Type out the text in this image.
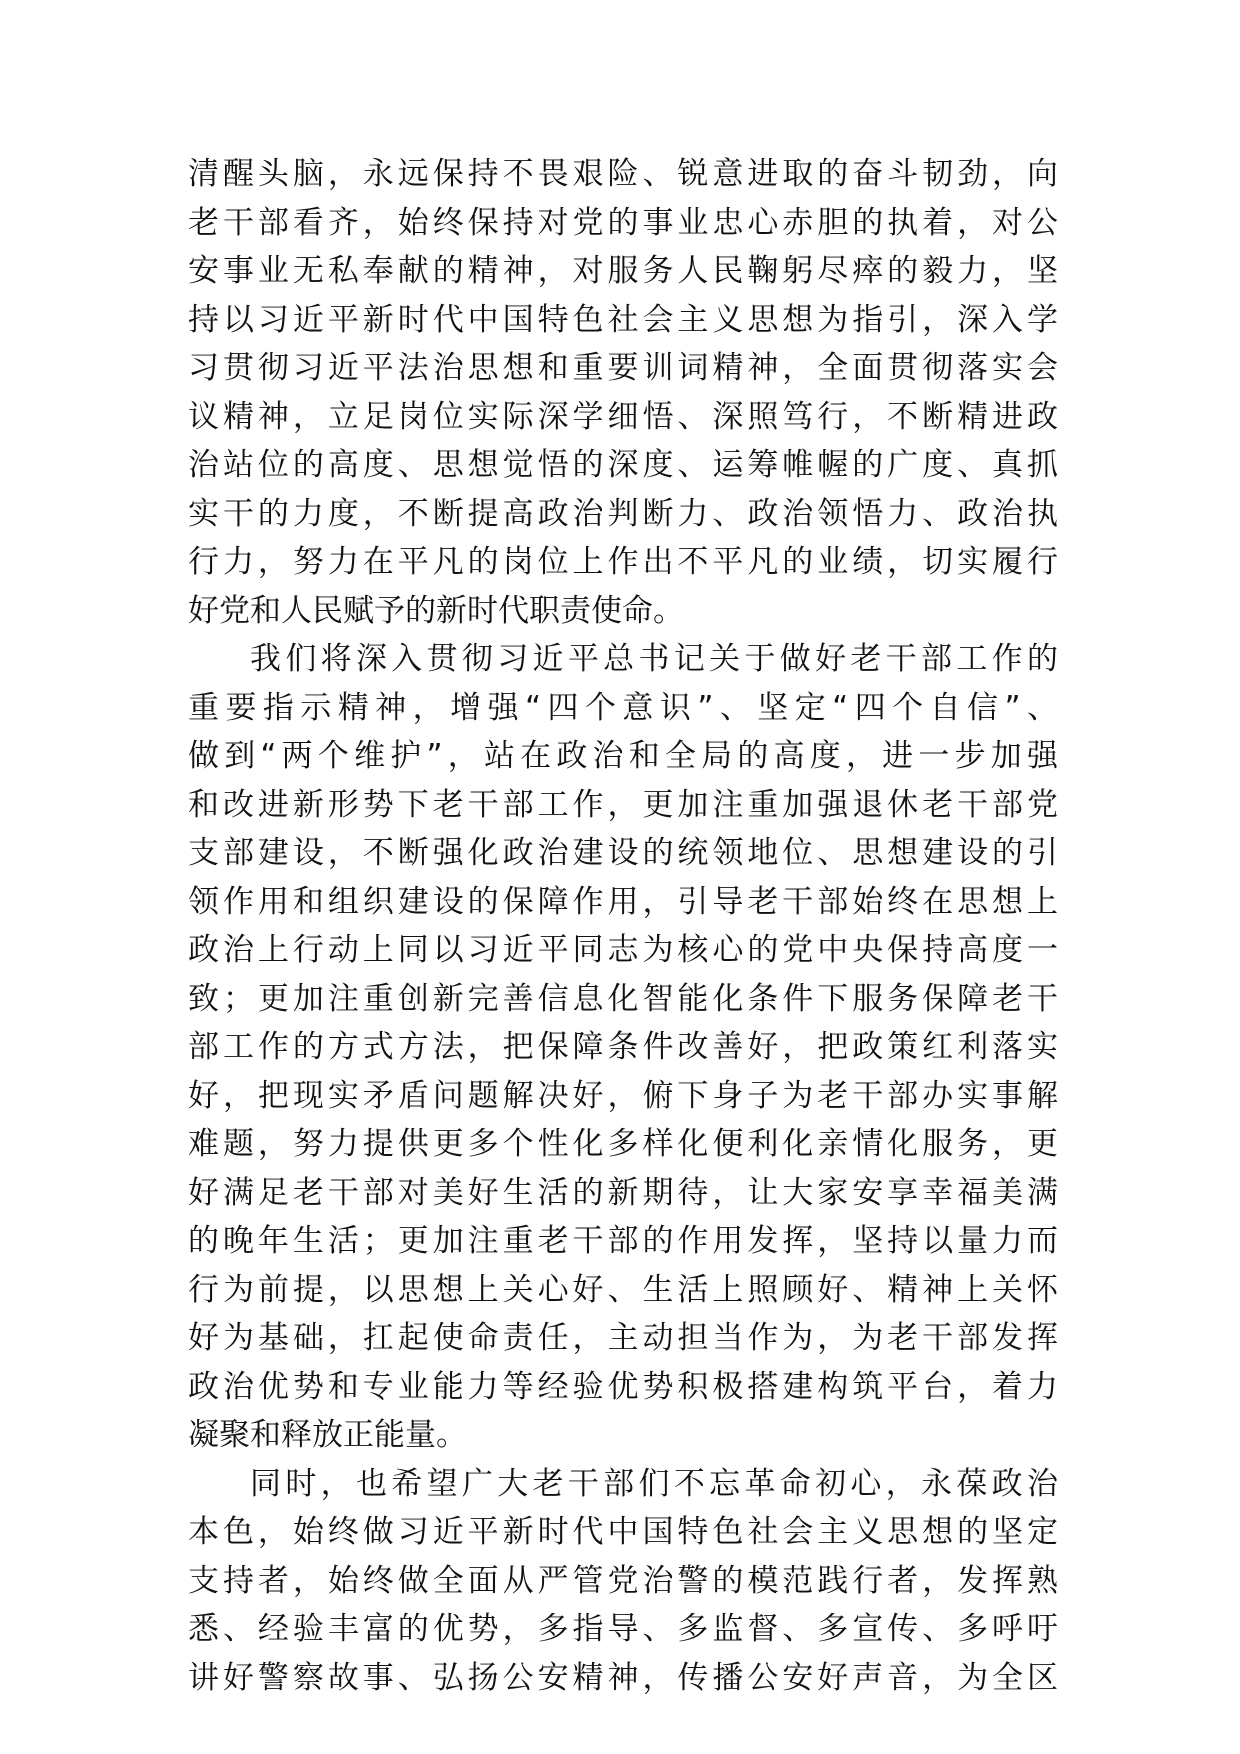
清醒头脑，永远保持不畏艰险、锐意进取的奋斗韧劲，向
老干部看齐，始终保持对党的事业忠心赤胆的执着，对公
安事业无私奉献的精神，对服务人民鞠躬尽瘁的毅力，坚
持以习近平新时代中国特色社会主义思想为指引，深入学
习贯彻习近平法治思想和重要训词精神，全面贯彻落实会
议精神，立足岗位实际深学细悟、深照笃行，不断精进政
治站位的高度、思想觉悟的深度、运筹帷幄的广度、真抓
实干的力度，不断提高政治判断力、政治领悟力、政治执
行力，努力在平凡的岗位上作出不平凡的业绩，切实履行
好党和人民赋予的新时代职责使命。
我们将深入贯彻习近平总书记关于做好老干部工作的
重要指示精神，增强“四个意识”、坚定“四个自信”、
做到“两个维护”，站在政治和全局的高度，进一步加强
和改进新形势下老干部工作，更加注重加强退休老干部党
支部建设，不断强化政治建设的统领地位、思想建设的引
领作用和组织建设的保障作用，引导老干部始终在思想上
政治上行动上同以习近平同志为核心的党中央保持高度一
致；更加注重创新完善信息化智能化条件下服务保障老干
部工作的方式方法，把保障条件改善好，把政策红利落实
好，把现实矛盾问题解决好，俯下身子为老干部办实事解
难题，努力提供更多个性化多样化便利化亲情化服务，更
好满足老干部对美好生活的新期待，让大家安享幸福美满
的晚年生活；更加注重老干部的作用发挥，坚持以量力而
行为前提，以思想上关心好、生活上照顾好、精神上关怀
好为基础，扛起使命责任，主动担当作为，为老干部发挥
政治优势和专业能力等经验优势积极搭建构筑平台，着力
凝聚和释放正能量。
同时，也希望广大老干部们不忘革命初心，永葆政治
本色，始终做习近平新时代中国特色社会主义思想的坚定
支持者，始终做全面从严管党治警的模范践行者，发挥熟
悉、经验丰富的优势，多指导、多监督、多宣传、多呼吁
讲好警察故事、弘扬公安精神，传播公安好声音，为全区
